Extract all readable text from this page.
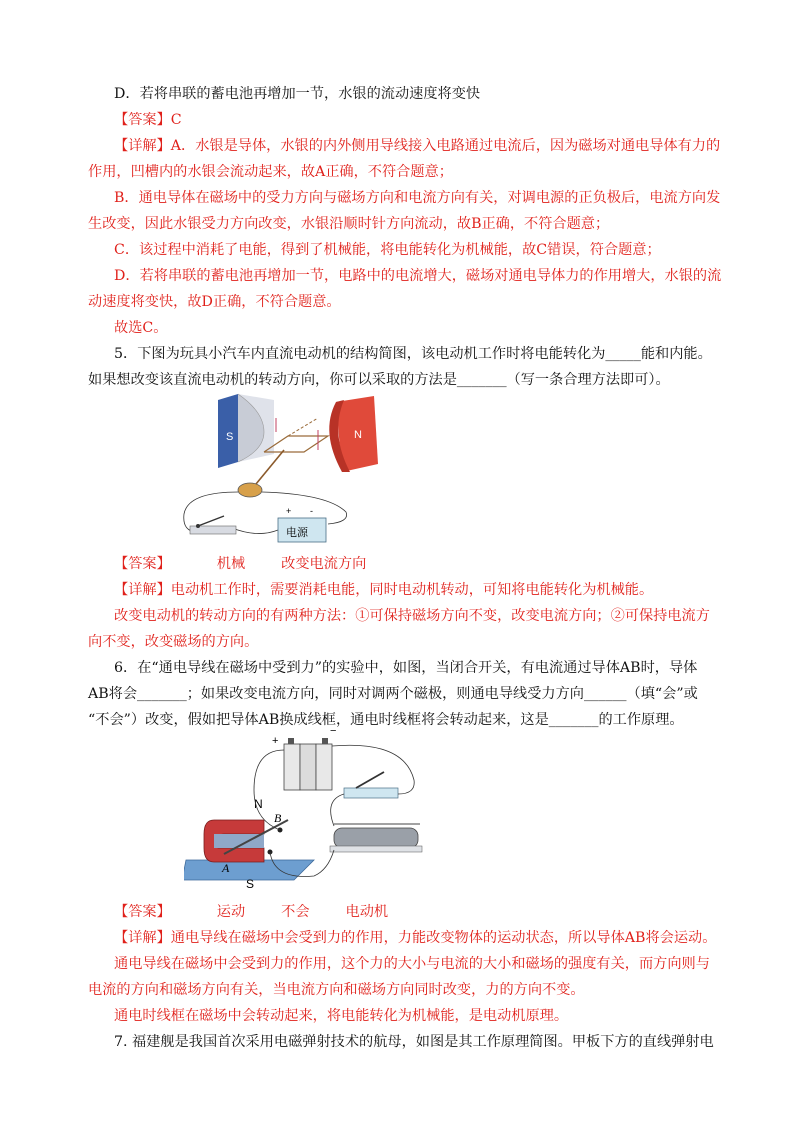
D．若将串联的蓄电池再增加一节，水银的流动速度将变快
【答案】C
【详解】A．水银是导体，水银的内外侧用导线接入电路通过电流后，因为磁场对通电导体有力的
作用，凹槽内的水银会流动起来，故A正确，不符合题意；
B．通电导体在磁场中的受力方向与磁场方向和电流方向有关，对调电源的正负极后，电流方向发
生改变，因此水银受力方向改变，水银沿顺时针方向流动，故B正确，不符合题意；
C．该过程中消耗了电能，得到了机械能，将电能转化为机械能，故C错误，符合题意；
D．若将串联的蓄电池再增加一节，电路中的电流增大，磁场对通电导体力的作用增大，水银的流
动速度将变快，故D正确，不符合题意。
故选C。
5．下图为玩具小汽车内直流电动机的结构简图，该电动机工作时将电能转化为_____能和内能。
如果想改变该直流电动机的转动方向，你可以采取的方法是_______（写一条合理方法即可）。
S	N
+ -
电源
【答案】	机械	改变电流方向
【详解】电动机工作时，需要消耗电能，同时电动机转动，可知将电能转化为机械能。
改变电动机的转动方向的有两种方法：①可保持磁场方向不变，改变电流方向；②可保持电流方
向不变，改变磁场的方向。
6．在“通电导线在磁场中受到力”的实验中，如图，当闭合开关，有电流通过导体AB时，导体
AB将会_______；如果改变电流方向，同时对调两个磁极，则通电导线受力方向______（填“会”或
“不会”）改变，假如把导体AB换成线框，通电时线框将会转动起来，这是_______的工作原理。
+
−
N
B
A
S
【答案】	运动	不会	电动机
【详解】通电导线在磁场中会受到力的作用，力能改变物体的运动状态，所以导体AB将会运动。
通电导线在磁场中会受到力的作用，这个力的大小与电流的大小和磁场的强度有关，而方向则与
电流的方向和磁场方向有关，当电流方向和磁场方向同时改变，力的方向不变。
通电时线框在磁场中会转动起来，将电能转化为机械能，是电动机原理。
7. 福建舰是我国首次采用电磁弹射技术的航母，如图是其工作原理简图。甲板下方的直线弹射电
